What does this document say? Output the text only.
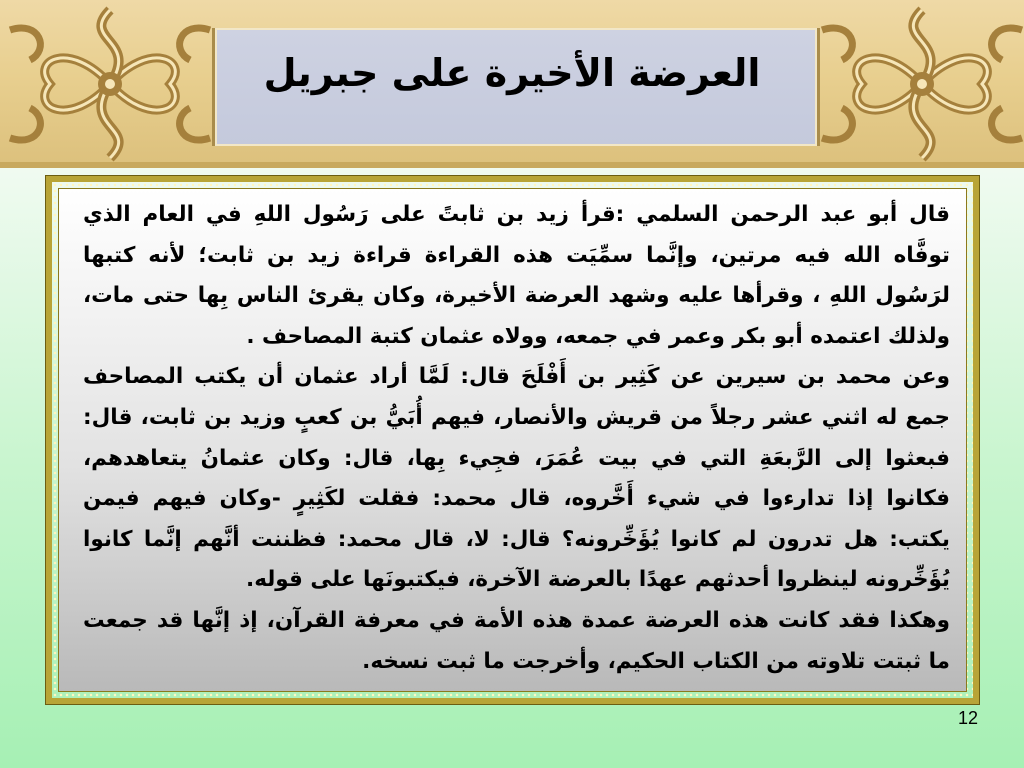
العرضة الأخيرة على جبريل

قال أبو عبد الرحمن السلمي :قرأ زيد بن ثابتً على رَسُول اللهِ في العام الذي توفَّاه الله فيه مرتين، وإنَّما سمِّيَت هذه القراءة قراءة زيد بن ثابت؛ لأنه كتبها لرَسُول اللهِ ، وقرأها عليه وشهد العرضة الأخيرة، وكان يقرئ الناس بِها حتى مات، ولذلك اعتمده أبو بكر وعمر في جمعه، وولاه عثمان كتبة المصاحف .

وعن محمد بن سيرين عن كَثِير بن أَفْلَحَ قال: لَمَّا أراد عثمان أن يكتب المصاحف جمع له اثني عشر رجلاً من قريش والأنصار، فيهم أُبَيُّ بن كعبٍ وزيد بن ثابت، قال: فبعثوا إلى الرَّبعَةِ التي في بيت عُمَرَ، فجِيء بِها، قال: وكان عثمانُ يتعاهدهم، فكانوا إذا تدارءوا في شيء أَخَّروه، قال محمد: فقلت لكَثِيرٍ -وكان فيهم فيمن يكتب: هل تدرون لم كانوا يُؤَخِّرونه؟ قال: لا، قال محمد: فظننت أنَّهم إنَّما كانوا يُؤَخِّرونه لينظروا أحدثهم عهدًا بالعرضة الآخرة، فيكتبونَها على قوله.

وهكذا فقد كانت هذه العرضة عمدة هذه الأمة في معرفة القرآن، إذ إنَّها قد جمعت ما ثبتت تلاوته من الكتاب الحكيم، وأخرجت ما ثبت نسخه.

12
